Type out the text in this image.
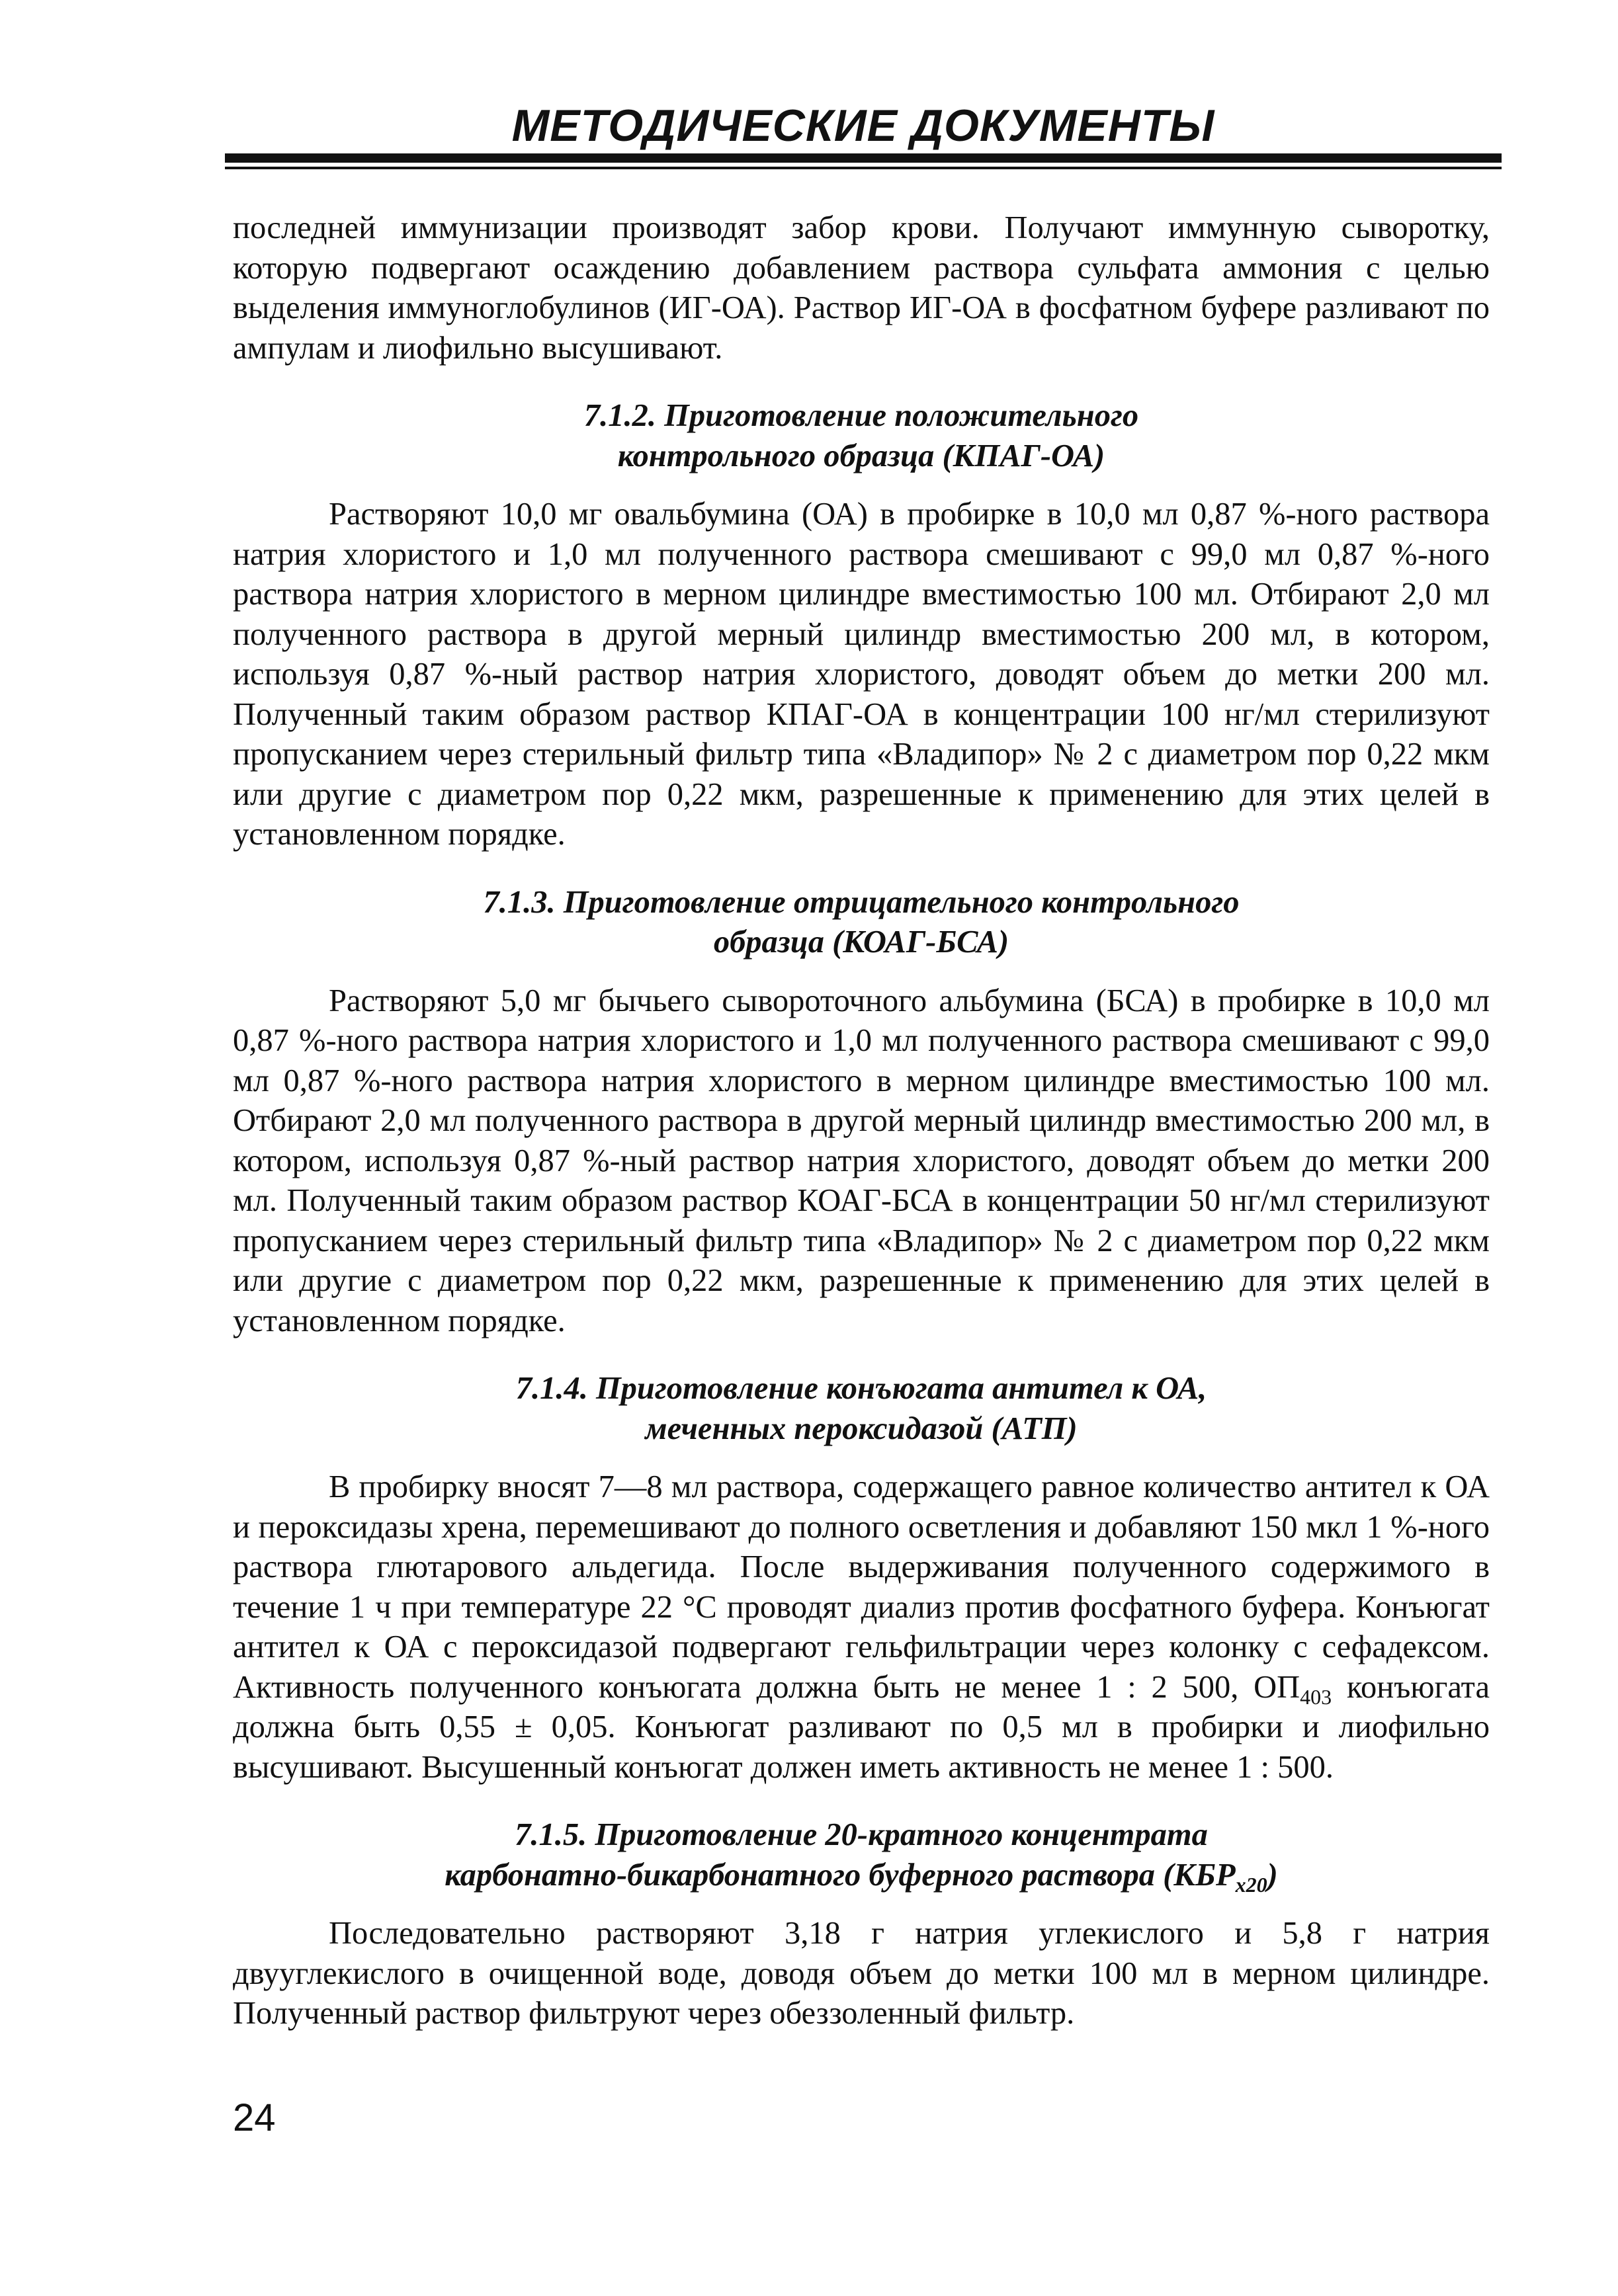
МЕТОДИЧЕСКИЕ ДОКУМЕНТЫ

последней иммунизации производят забор крови. Получают иммунную сыворотку, которую подвергают осаждению добавлением раствора сульфата аммония с целью выделения иммуноглобулинов (ИГ-ОА). Раствор ИГ-ОА в фосфатном буфере разливают по ампулам и лиофильно высушивают.

7.1.2. Приготовление положительного

контрольного образца (КПАГ-ОА)

Растворяют 10,0 мг овальбумина (ОА) в пробирке в 10,0 мл 0,87 %-ного раствора натрия хлористого и 1,0 мл полученного раствора смешивают с 99,0 мл 0,87 %-ного раствора натрия хлористого в мерном цилиндре вместимостью 100 мл. Отбирают 2,0 мл полученного раствора в другой мерный цилиндр вместимостью 200 мл, в котором, используя 0,87 %-ный раствор натрия хлористого, доводят объем до метки 200 мл. Полученный таким образом раствор КПАГ-ОА в концентрации 100 нг/мл стерилизуют пропусканием через стерильный фильтр типа «Владипор» № 2 с диаметром пор 0,22 мкм или другие с диаметром пор 0,22 мкм, разрешенные к применению для этих целей в установленном порядке.

7.1.3. Приготовление отрицательного контрольного

образца (КОАГ-БСА)

Растворяют 5,0 мг бычьего сывороточного альбумина (БСА) в пробирке в 10,0 мл 0,87 %-ного раствора натрия хлористого и 1,0 мл полученного раствора смешивают с 99,0 мл 0,87 %-ного раствора натрия хлористого в мерном цилиндре вместимостью 100 мл. Отбирают 2,0 мл полученного раствора в другой мерный цилиндр вместимостью 200 мл, в котором, используя 0,87 %-ный раствор натрия хлористого, доводят объем до метки 200 мл. Полученный таким образом раствор КОАГ-БСА в концентрации 50 нг/мл стерилизуют пропусканием через стерильный фильтр типа «Владипор» № 2 с диаметром пор 0,22 мкм или другие с диаметром пор 0,22 мкм, разрешенные к применению для этих целей в установленном порядке.

7.1.4. Приготовление конъюгата антител к ОА,

меченных пероксидазой (АТП)

В пробирку вносят 7—8 мл раствора, содержащего равное количество антител к ОА и пероксидазы хрена, перемешивают до полного осветления и добавляют 150 мкл 1 %-ного раствора глютарового альдегида. После выдерживания полученного содержимого в течение 1 ч при температуре 22 °С проводят диализ против фосфатного буфера. Конъюгат антител к ОА с пероксидазой подвергают гельфильтрации через колонку с сефадексом. Активность полученного конъюгата должна быть не менее 1 : 2 500, $ОП_{403}$ конъюгата должна быть 0,55 ± 0,05. Конъюгат разливают по 0,5 мл в пробирки и лиофильно высушивают. Высушенный конъюгат должен иметь активность не менее 1 : 500.

7.1.5. Приготовление 20-кратного концентрата

карбонатно-бикарбонатного буферного раствора $(КБР_{х20})$

Последовательно растворяют 3,18 г натрия углекислого и 5,8 г натрия двууглекислого в очищенной воде, доводя объем до метки 100 мл в мерном цилиндре. Полученный раствор фильтруют через обеззоленный фильтр.

24
